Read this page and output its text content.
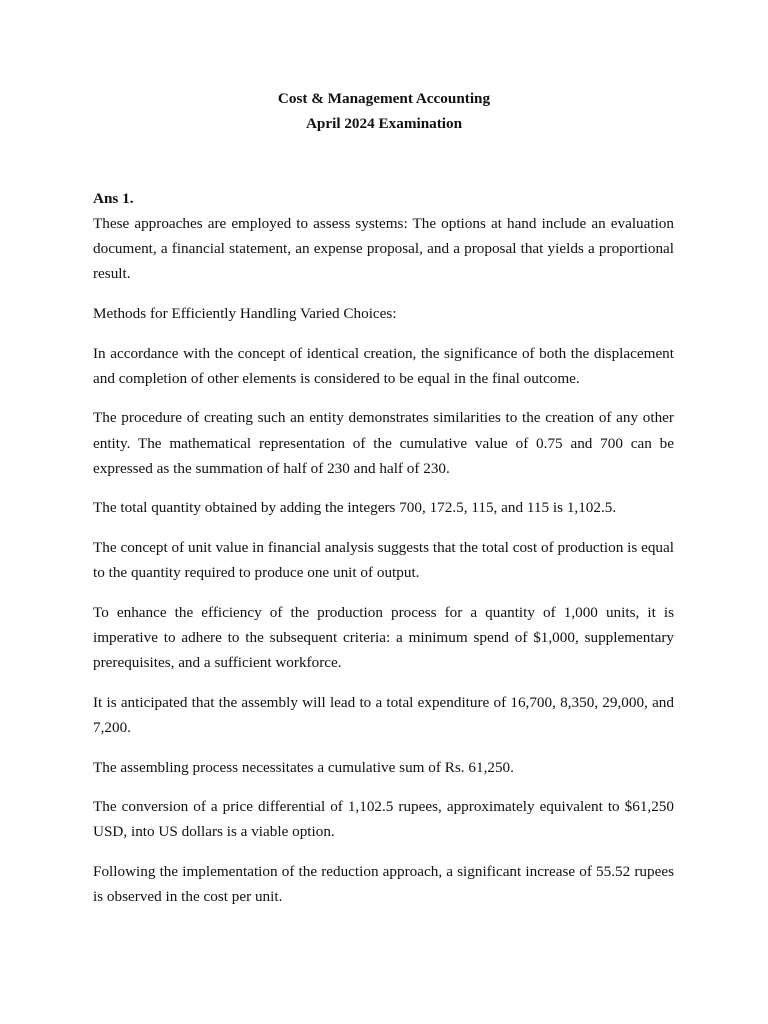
Cost & Management Accounting
April 2024 Examination
Ans 1.

These approaches are employed to assess systems: The options at hand include an evaluation document, a financial statement, an expense proposal, and a proposal that yields a proportional result.

Methods for Efficiently Handling Varied Choices:

In accordance with the concept of identical creation, the significance of both the displacement and completion of other elements is considered to be equal in the final outcome.

The procedure of creating such an entity demonstrates similarities to the creation of any other entity. The mathematical representation of the cumulative value of 0.75 and 700 can be expressed as the summation of half of 230 and half of 230.

The total quantity obtained by adding the integers 700, 172.5, 115, and 115 is 1,102.5.

The concept of unit value in financial analysis suggests that the total cost of production is equal to the quantity required to produce one unit of output.

To enhance the efficiency of the production process for a quantity of 1,000 units, it is imperative to adhere to the subsequent criteria: a minimum spend of $1,000, supplementary prerequisites, and a sufficient workforce.

It is anticipated that the assembly will lead to a total expenditure of 16,700, 8,350, 29,000, and 7,200.

The assembling process necessitates a cumulative sum of Rs. 61,250.

The conversion of a price differential of 1,102.5 rupees, approximately equivalent to $61,250 USD, into US dollars is a viable option.

Following the implementation of the reduction approach, a significant increase of 55.52 rupees is observed in the cost per unit.
